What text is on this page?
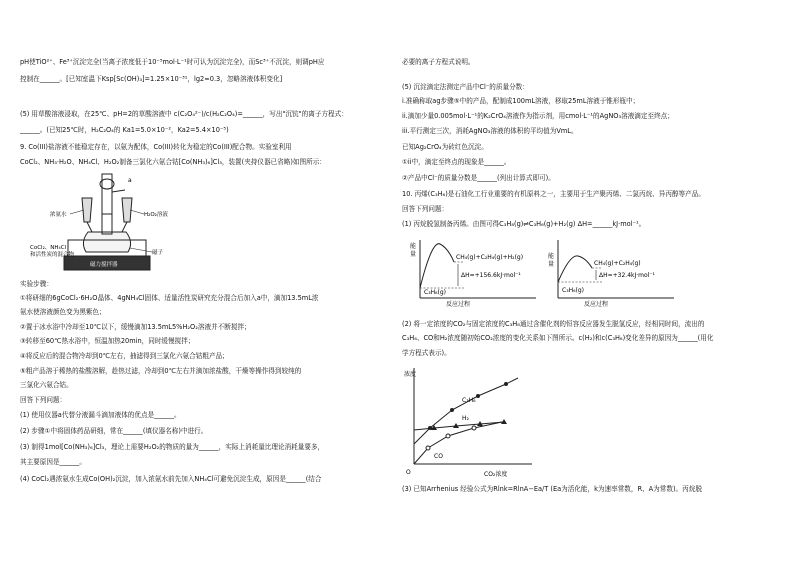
pH使TiO²⁺、Fe³⁺沉淀完全(当离子浓度低于10⁻⁵mol·L⁻¹时可认为沉淀完全)，而Sc³⁺不沉淀，则调pH应
控制在______。[已知室温下Ksp[Sc(OH)₃]=1.25×10⁻³¹，lg2≈0.3，忽略溶液体积变化]
(5) 用草酸溶液浸取，在25℃、pH=2的草酸溶液中 c(C₂O₄²⁻)/c(H₂C₂O₄)=______，写出"沉钪"的离子方程式：
______。(已知25℃时，H₂C₂O₄的 Ka1=5.0×10⁻²，Ka2=5.4×10⁻⁵)
9. Co(III)盐溶液不能稳定存在，以氨为配体，Co(III)转化为稳定的Co(III)配合物。实验室利用
CoCl₂、NH₃·H₂O、NH₄Cl、H₂O₂制备三氯化六氨合钴[Co(NH₃)₆]Cl₃，装置(夹持仪器已省略)如图所示：
实验步骤：
①将研细的6gCoCl₂·6H₂O晶体、4gNH₄Cl固体、适量活性炭研究充分混合后加入a中，滴加13.5mL浓
氨水使溶液颜色变为黑紫色；
②置于冰水浴中冷却至10℃以下，缓慢滴加13.5mL5%H₂O₂溶液并不断搅拌；
③转移至60℃热水浴中，恒温加热20min，同时缓慢搅拌；
④将反应后的混合物冷却到0℃左右，抽滤得到三氯化六氨合钴粗产品；
⑤粗产品溶于稀热的盐酸溶解，趁热过滤，冷却到0℃左右并滴加浓盐酸，干燥等操作得到较纯的
三氯化六氨合钴。
回答下列问题：
(1) 使用仪器a代替分液漏斗滴加液体的优点是______。
(2) 步骤①中将固体药品研细，常在______(填仪器名称)中进行。
(3) 制得1mol[Co(NH₃)₆]Cl₃，理论上需要H₂O₂的物质的量为______，实际上消耗量比理论消耗量要多，
其主要原因是______。
(4) CoCl₂遇浓氨水生成Co(OH)₂沉淀，加入浓氨水前先加入NH₄Cl可避免沉淀生成，原因是______(结合
浓氨水	H₂O₂溶液
a
CoCl₂、NH₄Cl
和活性炭的混合物	磁子
磁力搅拌器
必要的离子方程式说明。
(5) 沉淀滴定法测定产品中Cl⁻的质量分数：
i.准确称取ag步骤⑤中的产品，配制成100mL溶液，移取25mL溶液于锥形瓶中；
ii.滴加少量0.005mol·L⁻¹的K₂CrO₄溶液作为指示剂，用cmol·L⁻¹的AgNO₃溶液滴定至终点；
iii.平行测定三次，消耗AgNO₃溶液的体积的平均值为VmL。
已知Ag₂CrO₄为砖红色沉淀。
①ii中，滴定至终点的现象是______。
②产品中Cl⁻的质量分数是______(列出计算式即可)。
10. 丙烯(C₃H₆)是石油化工行业重要的有机原料之一，主要用于生产聚丙烯、二氯丙烷、异丙醇等产品。
回答下列问题：
(1) 丙烷脱氢制备丙烯。由图可得C₃H₈(g)⇌C₃H₆(g)+H₂(g) ΔH=______kJ·mol⁻¹。
(2) 将一定浓度的CO₂与固定浓度的C₃H₈通过含催化剂的恒容反应器发生脱氢反应，经相同时间，流出的
C₃H₆、CO和H₂浓度随初始CO₂浓度的变化关系如下图所示。c(H₂)和c(C₃H₆)变化差异的原因为______(用化
学方程式表示)。
(3) 已知Arrhenius 经验公式为Rlnk=RlnA−Ea/T (Ea为活化能，k为速率常数，R、A为常数)。丙烷脱
能
量	CH₄(g)+C₂H₄(g)+H₂(g)
ΔH=+156.6kJ·mol⁻¹
C₃H₈(g)
反应过程
能
量	CH₄(g)+C₂H₄(g)
ΔH=+32.4kJ·mol⁻¹
C₃H₆(g)
反应过程
浓度
CO₂浓度
O
C₃H₆
H₂
CO
